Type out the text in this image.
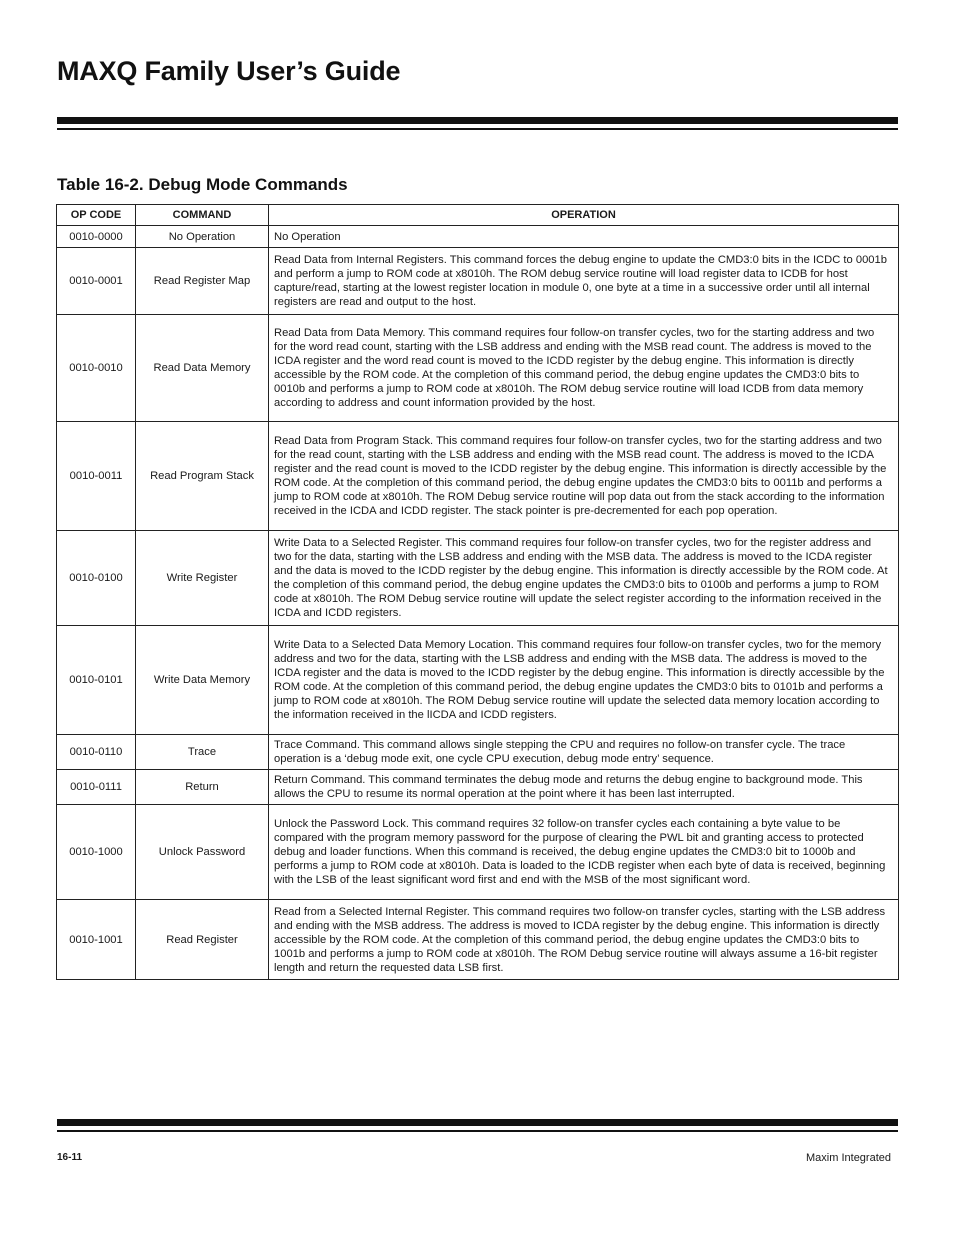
MAXQ Family User’s Guide
Table 16-2. Debug Mode Commands
OP CODE	COMMAND	OPERATION
0010-0000	No Operation	No Operation
0010-0001	Read Register Map	Read Data from Internal Registers. This command forces the debug engine to update the CMD3:0 bits in the ICDC to 0001b and perform a jump to ROM code at x8010h. The ROM debug service routine will load register data to ICDB for host capture/read, starting at the lowest register location in module 0, one byte at a time in a successive order until all internal registers are read and output to the host.
0010-0010	Read Data Memory	Read Data from Data Memory. This command requires four follow-on transfer cycles, two for the starting address and two for the word read count, starting with the LSB address and ending with the MSB read count. The address is moved to the ICDA register and the word read count is moved to the ICDD register by the debug engine. This information is directly accessible by the ROM code. At the completion of this command period, the debug engine updates the CMD3:0 bits to 0010b and performs a jump to ROM code at x8010h. The ROM debug service routine will load ICDB from data memory according to address and count information provided by the host.
0010-0011	Read Program Stack	Read Data from Program Stack. This command requires four follow-on transfer cycles, two for the starting address and two for the read count, starting with the LSB address and ending with the MSB read count. The address is moved to the ICDA register and the read count is moved to the ICDD register by the debug engine. This information is directly accessible by the ROM code. At the completion of this command period, the debug engine updates the CMD3:0 bits to 0011b and performs a jump to ROM code at x8010h. The ROM Debug service routine will pop data out from the stack according to the information received in the ICDA and ICDD register. The stack pointer is pre-decremented for each pop operation.
0010-0100	Write Register	Write Data to a Selected Register. This command requires four follow-on transfer cycles, two for the register address and two for the data, starting with the LSB address and ending with the MSB data. The address is moved to the ICDA register and the data is moved to the ICDD register by the debug engine. This information is directly accessible by the ROM code. At the completion of this command period, the debug engine updates the CMD3:0 bits to 0100b and performs a jump to ROM code at x8010h. The ROM Debug service routine will update the select register according to the information received in the ICDA and ICDD registers.
0010-0101	Write Data Memory	Write Data to a Selected Data Memory Location. This command requires four follow-on transfer cycles, two for the memory address and two for the data, starting with the LSB address and ending with the MSB data. The address is moved to the ICDA register and the data is moved to the ICDD register by the debug engine. This information is directly accessible by the ROM code. At the completion of this command period, the debug engine updates the CMD3:0 bits to 0101b and performs a jump to ROM code at x8010h. The ROM Debug service routine will update the selected data memory location according to the information received in the lICDA and ICDD registers.
0010-0110	Trace	Trace Command. This command allows single stepping the CPU and requires no follow-on transfer cycle. The trace operation is a ‘debug mode exit, one cycle CPU execution, debug mode entry’ sequence.
0010-0111	Return	Return Command. This command terminates the debug mode and returns the debug engine to background mode. This allows the CPU to resume its normal operation at the point where it has been last interrupted.
0010-1000	Unlock Password	Unlock the Password Lock. This command requires 32 follow-on transfer cycles each containing a byte value to be compared with the program memory password for the purpose of clearing the PWL bit and granting access to protected debug and loader functions. When this command is received, the debug engine updates the CMD3:0 bit to 1000b and performs a jump to ROM code at x8010h. Data is loaded to the ICDB register when each byte of data is received, beginning with the LSB of the least significant word first and end with the MSB of the most significant word.
0010-1001	Read Register	Read from a Selected Internal Register. This command requires two follow-on transfer cycles, starting with the LSB address and ending with the MSB address. The address is moved to ICDA register by the debug engine. This information is directly accessible by the ROM code. At the completion of this command period, the debug engine updates the CMD3:0 bits to 1001b and performs a jump to ROM code at x8010h. The ROM Debug service routine will always assume a 16-bit register length and return the requested data LSB first.
16-11	Maxim Integrated
